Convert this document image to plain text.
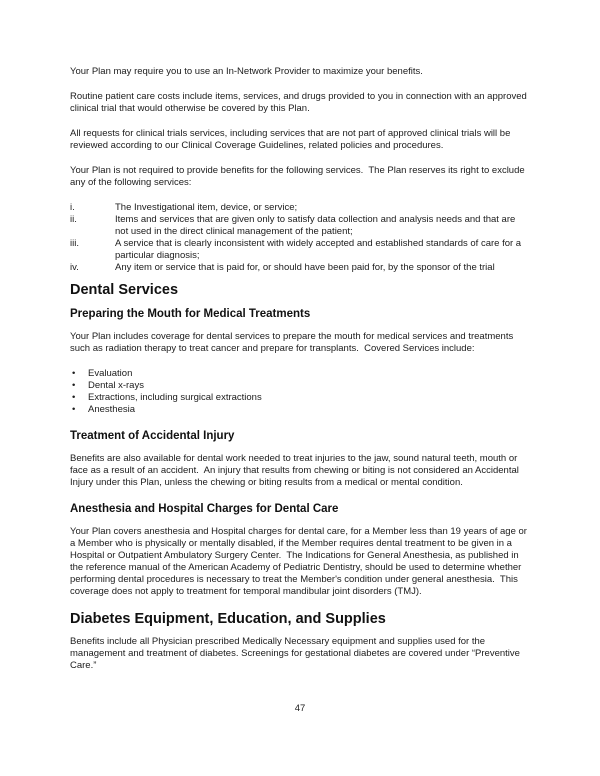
Your Plan may require you to use an In-Network Provider to maximize your benefits.

Routine patient care costs include items, services, and drugs provided to you in connection with an approved clinical trial that would otherwise be covered by this Plan.

All requests for clinical trials services, including services that are not part of approved clinical trials will be reviewed according to our Clinical Coverage Guidelines, related policies and procedures.

Your Plan is not required to provide benefits for the following services.  The Plan reserves its right to exclude any of the following services:

i.	The Investigational item, device, or service;
ii.	Items and services that are given only to satisfy data collection and analysis needs and that are not used in the direct clinical management of the patient;
iii.	A service that is clearly inconsistent with widely accepted and established standards of care for a particular diagnosis;
iv.	Any item or service that is paid for, or should have been paid for, by the sponsor of the trial
Dental Services
Preparing the Mouth for Medical Treatments

Your Plan includes coverage for dental services to prepare the mouth for medical services and treatments such as radiation therapy to treat cancer and prepare for transplants.  Covered Services include:

• Evaluation
• Dental x-rays
• Extractions, including surgical extractions
• Anesthesia
Treatment of Accidental Injury

Benefits are also available for dental work needed to treat injuries to the jaw, sound natural teeth, mouth or face as a result of an accident.  An injury that results from chewing or biting is not considered an Accidental Injury under this Plan, unless the chewing or biting results from a medical or mental condition.

Anesthesia and Hospital Charges for Dental Care

Your Plan covers anesthesia and Hospital charges for dental care, for a Member less than 19 years of age or a Member who is physically or mentally disabled, if the Member requires dental treatment to be given in a Hospital or Outpatient Ambulatory Surgery Center.  The Indications for General Anesthesia, as published in the reference manual of the American Academy of Pediatric Dentistry, should be used to determine whether performing dental procedures is necessary to treat the Member's condition under general anesthesia.  This coverage does not apply to treatment for temporal mandibular joint disorders (TMJ).

Diabetes Equipment, Education, and Supplies

Benefits include all Physician prescribed Medically Necessary equipment and supplies used for the management and treatment of diabetes. Screenings for gestational diabetes are covered under “Preventive Care.”

47
